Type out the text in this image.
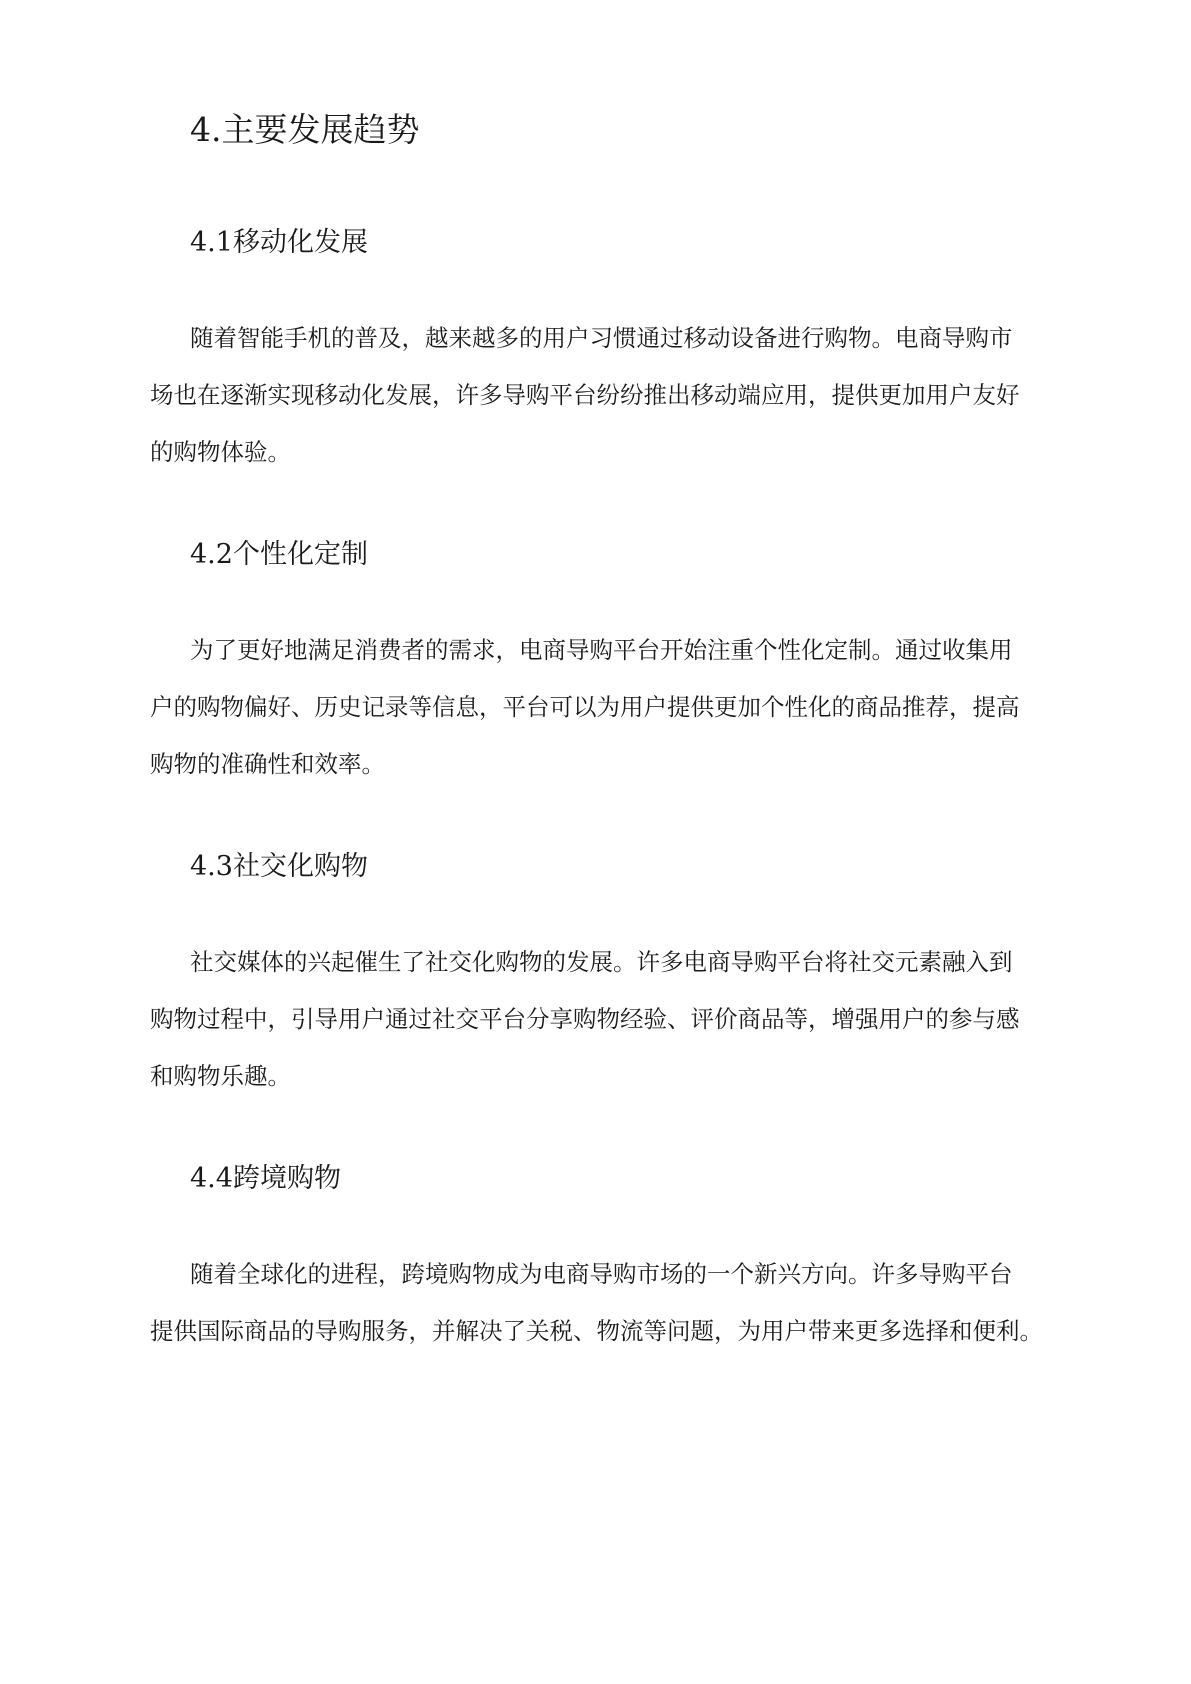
4.主要发展趋势
4.1移动化发展
随着智能手机的普及，越来越多的用户习惯通过移动设备进行购物。电商导购市
场也在逐渐实现移动化发展，许多导购平台纷纷推出移动端应用，提供更加用户友好
的购物体验。
4.2个性化定制
为了更好地满足消费者的需求，电商导购平台开始注重个性化定制。通过收集用
户的购物偏好、历史记录等信息，平台可以为用户提供更加个性化的商品推荐，提高
购物的准确性和效率。
4.3社交化购物
社交媒体的兴起催生了社交化购物的发展。许多电商导购平台将社交元素融入到
购物过程中，引导用户通过社交平台分享购物经验、评价商品等，增强用户的参与感
和购物乐趣。
4.4跨境购物
随着全球化的进程，跨境购物成为电商导购市场的一个新兴方向。许多导购平台
提供国际商品的导购服务，并解决了关税、物流等问题，为用户带来更多选择和便利。
